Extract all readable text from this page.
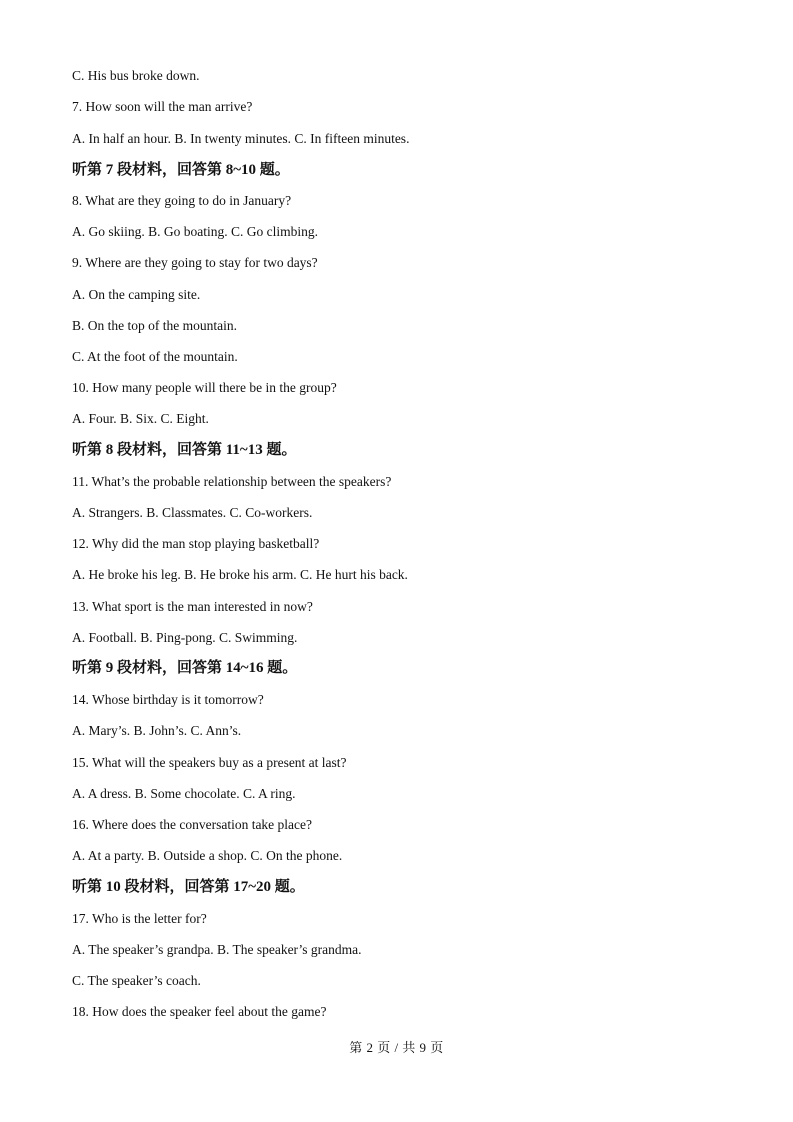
C. His bus broke down.
7. How soon will the man arrive?
A. In half an hour. B. In twenty minutes. C. In fifteen minutes.
听第 7 段材料，回答第 8~10 题。
8. What are they going to do in January?
A. Go skiing. B. Go boating. C. Go climbing.
9. Where are they going to stay for two days?
A. On the camping site.
B. On the top of the mountain.
C. At the foot of the mountain.
10. How many people will there be in the group?
A. Four. B. Six. C. Eight.
听第 8 段材料，回答第 11~13 题。
11. What’s the probable relationship between the speakers?
A. Strangers. B. Classmates. C. Co-workers.
12. Why did the man stop playing basketball?
A. He broke his leg. B. He broke his arm. C. He hurt his back.
13. What sport is the man interested in now?
A. Football. B. Ping-pong. C. Swimming.
听第 9 段材料，回答第 14~16 题。
14. Whose birthday is it tomorrow?
A. Mary’s. B. John’s. C. Ann’s.
15. What will the speakers buy as a present at last?
A. A dress. B. Some chocolate. C. A ring.
16. Where does the conversation take place?
A. At a party. B. Outside a shop. C. On the phone.
听第 10 段材料，回答第 17~20 题。
17. Who is the letter for?
A. The speaker’s grandpa. B. The speaker’s grandma.
C. The speaker’s coach.
18. How does the speaker feel about the game?
第 2 页 / 共 9 页
